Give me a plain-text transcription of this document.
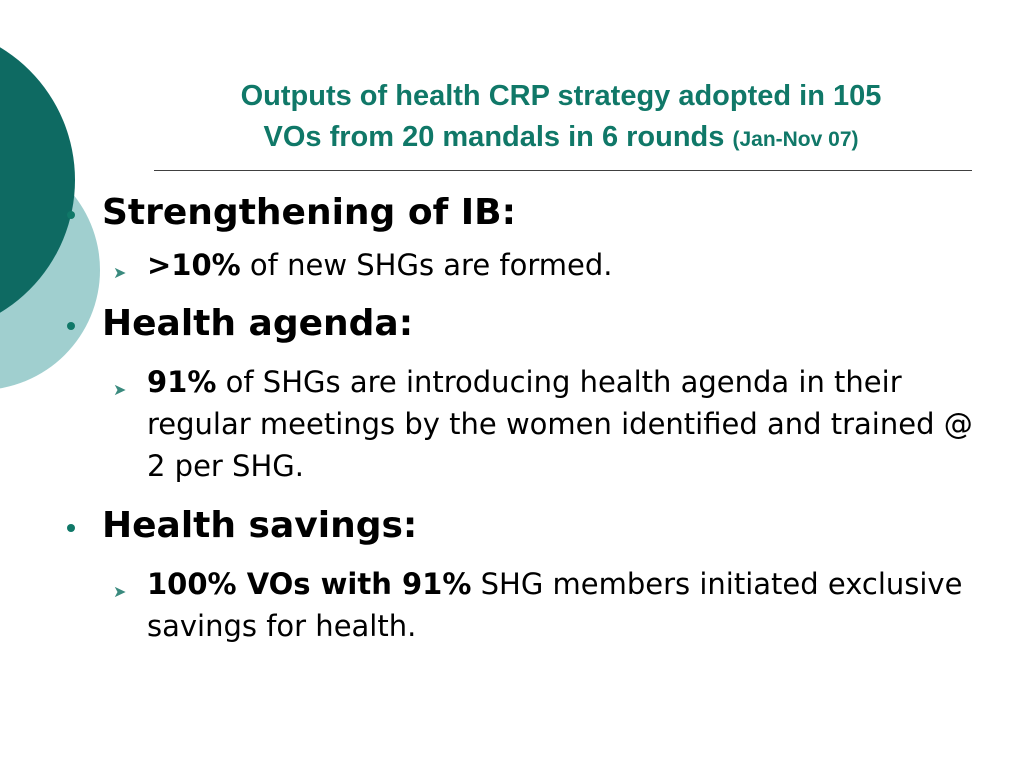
Outputs of health CRP strategy adopted in 105
VOs from 20 mandals in 6 rounds (Jan-Nov 07)
Strengthening of IB:
➤ >10% of new SHGs are formed.
Health agenda:
➤ 91% of SHGs are introducing health agenda in their regular meetings by the women identified and trained @ 2 per SHG.
Health savings:
➤ 100% VOs with 91% SHG members initiated exclusive savings for health.
